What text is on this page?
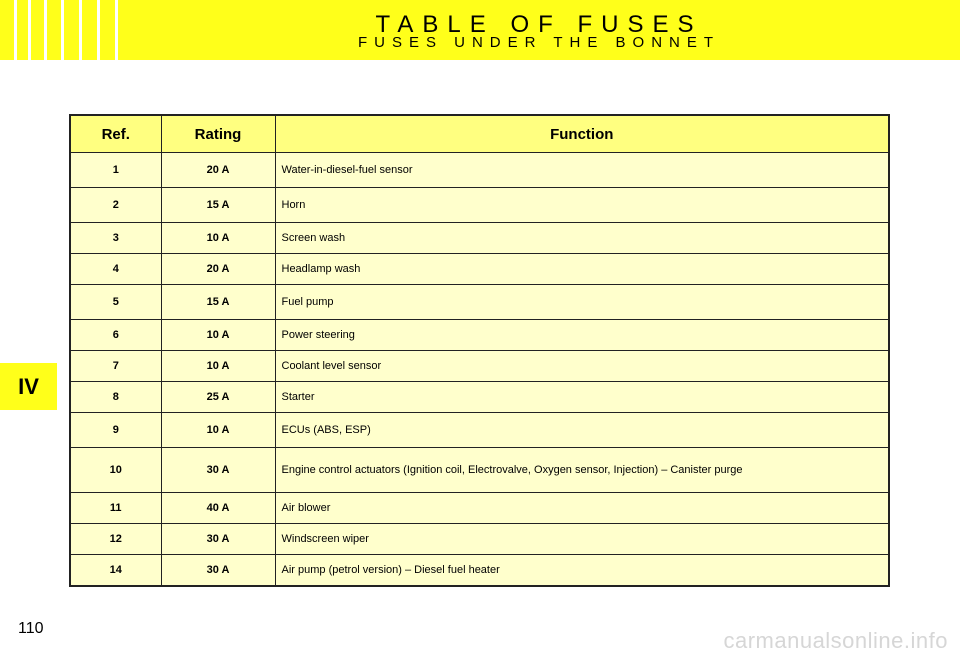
TABLE OF FUSES
FUSES UNDER THE BONNET
IV
Ref.	Rating	Function
1	20 A	Water-in-diesel-fuel sensor
2	15 A	Horn
3	10 A	Screen wash
4	20 A	Headlamp wash
5	15 A	Fuel pump
6	10 A	Power steering
7	10 A	Coolant level sensor
8	25 A	Starter
9	10 A	ECUs (ABS, ESP)
10	30 A	Engine control actuators (Ignition coil, Electrovalve, Oxygen sensor, Injection) – Canister purge
11	40 A	Air blower
12	30 A	Windscreen wiper
14	30 A	Air pump (petrol version) – Diesel fuel heater
110	carmanualsonline.info
